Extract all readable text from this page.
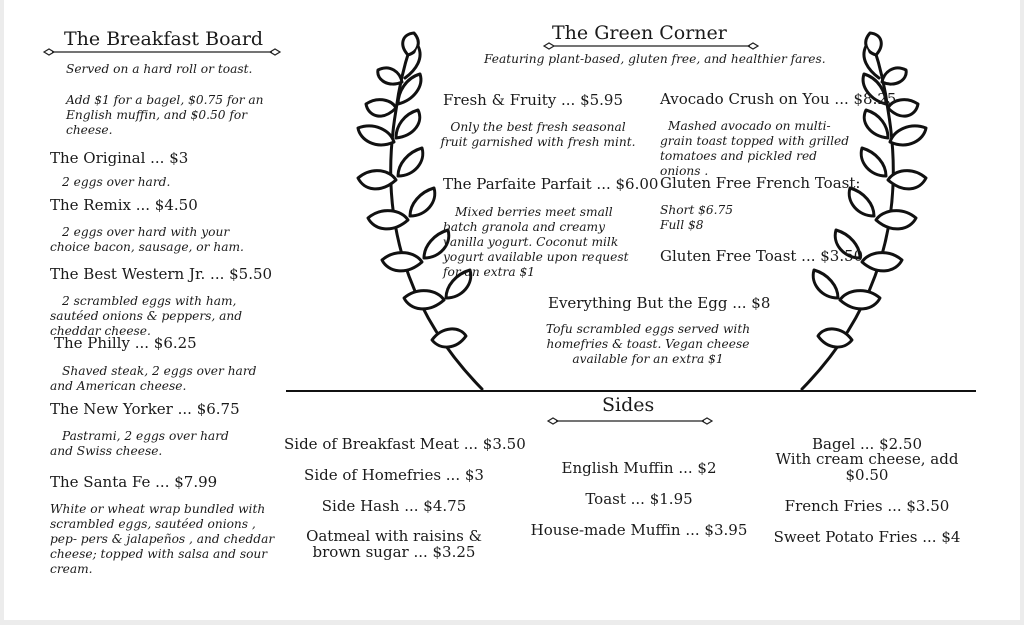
The Breakfast Board
Served on a hard roll or toast.
Add $1 for a bagel, $0.75 for an English muffin, and $0.50 for cheese.
The Original ... $3
2 eggs over hard.
The Remix ... $4.50
2 eggs over hard with your choice bacon, sausage, or ham.
The Best Western Jr. ... $5.50
2 scrambled eggs with ham, sautéed onions & peppers, and cheddar cheese.
The Philly ... $6.25
Shaved steak, 2 eggs over hard and American cheese.
The New Yorker ... $6.75
Pastrami, 2 eggs over hard and Swiss cheese.
The Santa Fe ... $7.99
White or wheat wrap bundled with scrambled eggs, sautéed onions , pep- pers & jalapeños , and cheddar cheese; topped with salsa and sour cream.
The Green Corner
Featuring plant-based, gluten free, and healthier fares.
Fresh & Fruity ... $5.95
Only the best fresh seasonal fruit garnished with fresh mint.
The Parfaite Parfait ... $6.00
Mixed berries meet small batch granola and creamy vanilla yogurt. Coconut milk yogurt available upon request for an extra $1
Avocado Crush on You ... $8.25
Mashed avocado on multi-grain toast topped with grilled tomatoes and pickled red onions .
Gluten Free French Toast:
Short $6.75
Full $8
Gluten Free Toast ... $3.50
Everything But the Egg ... $8
Tofu scrambled eggs served with homefries & toast. Vegan cheese available for an extra $1
Sides
Side of Breakfast Meat ... $3.50
Side of Homefries ... $3
Side Hash ... $4.75
Oatmeal with raisins & brown sugar ... $3.25
English Muffin ... $2
Toast ... $1.95
House-made Muffin ... $3.95
Bagel ... $2.50
With cream cheese, add $0.50
French Fries ... $3.50
Sweet Potato Fries ... $4
